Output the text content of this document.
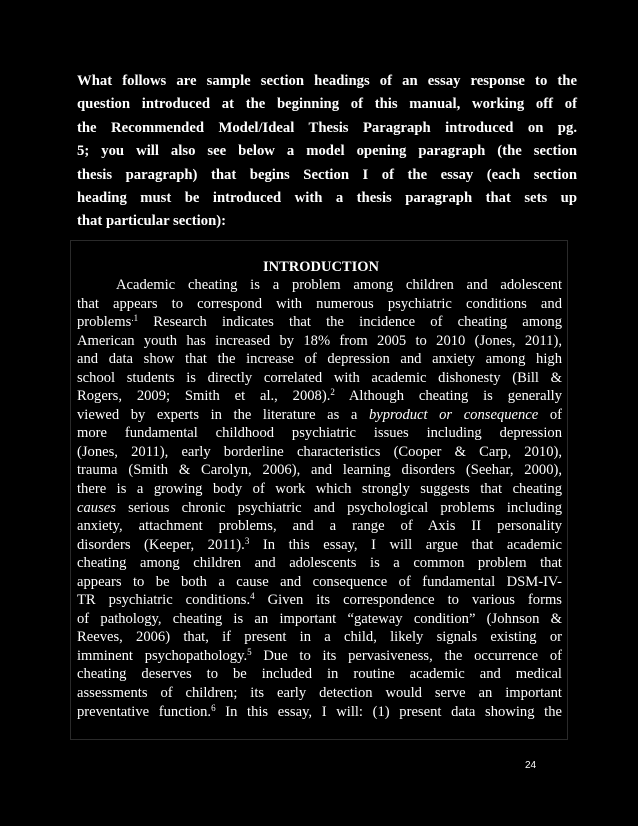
What follows are sample section headings of an essay response to the
question introduced at the beginning of this manual, working off of
the Recommended Model/Ideal Thesis Paragraph introduced on pg.
5; you will also see below a model opening paragraph (the section
thesis paragraph) that begins Section I of the essay (each section
heading must be introduced with a thesis paragraph that sets up
that particular section):
INTRODUCTION
Academic cheating is a problem among children and adolescent
that appears to correspond with numerous psychiatric conditions and
problems$^{.1}$ Research indicates that the incidence of cheating among
American youth has increased by 18% from 2005 to 2010 (Jones, 2011),
and data show that the increase of depression and anxiety among high
school students is directly correlated with academic dishonesty (Bill &
Rogers, 2009; Smith et al., 2008).$^2$ Although cheating is generally
viewed by experts in the literature as a byproduct or consequence of
more fundamental childhood psychiatric issues including depression
(Jones, 2011), early borderline characteristics (Cooper & Carp, 2010),
trauma (Smith & Carolyn, 2006), and learning disorders (Seehar, 2000),
there is a growing body of work which strongly suggests that cheating
causes serious chronic psychiatric and psychological problems including
anxiety, attachment problems, and a range of Axis II personality
disorders (Keeper, 2011).$^3$ In this essay, I will argue that academic
cheating among children and adolescents is a common problem that
appears to be both a cause and consequence of fundamental DSM-IV-
TR psychiatric conditions.$^4$ Given its correspondence to various forms
of pathology, cheating is an important “gateway condition” (Johnson &
Reeves, 2006) that, if present in a child, likely signals existing or
imminent psychopathology.$^5$ Due to its pervasiveness, the occurrence of
cheating deserves to be included in routine academic and medical
assessments of children; its early detection would serve an important
preventative function.$^6$ In this essay, I will: (1) present data showing the
24
